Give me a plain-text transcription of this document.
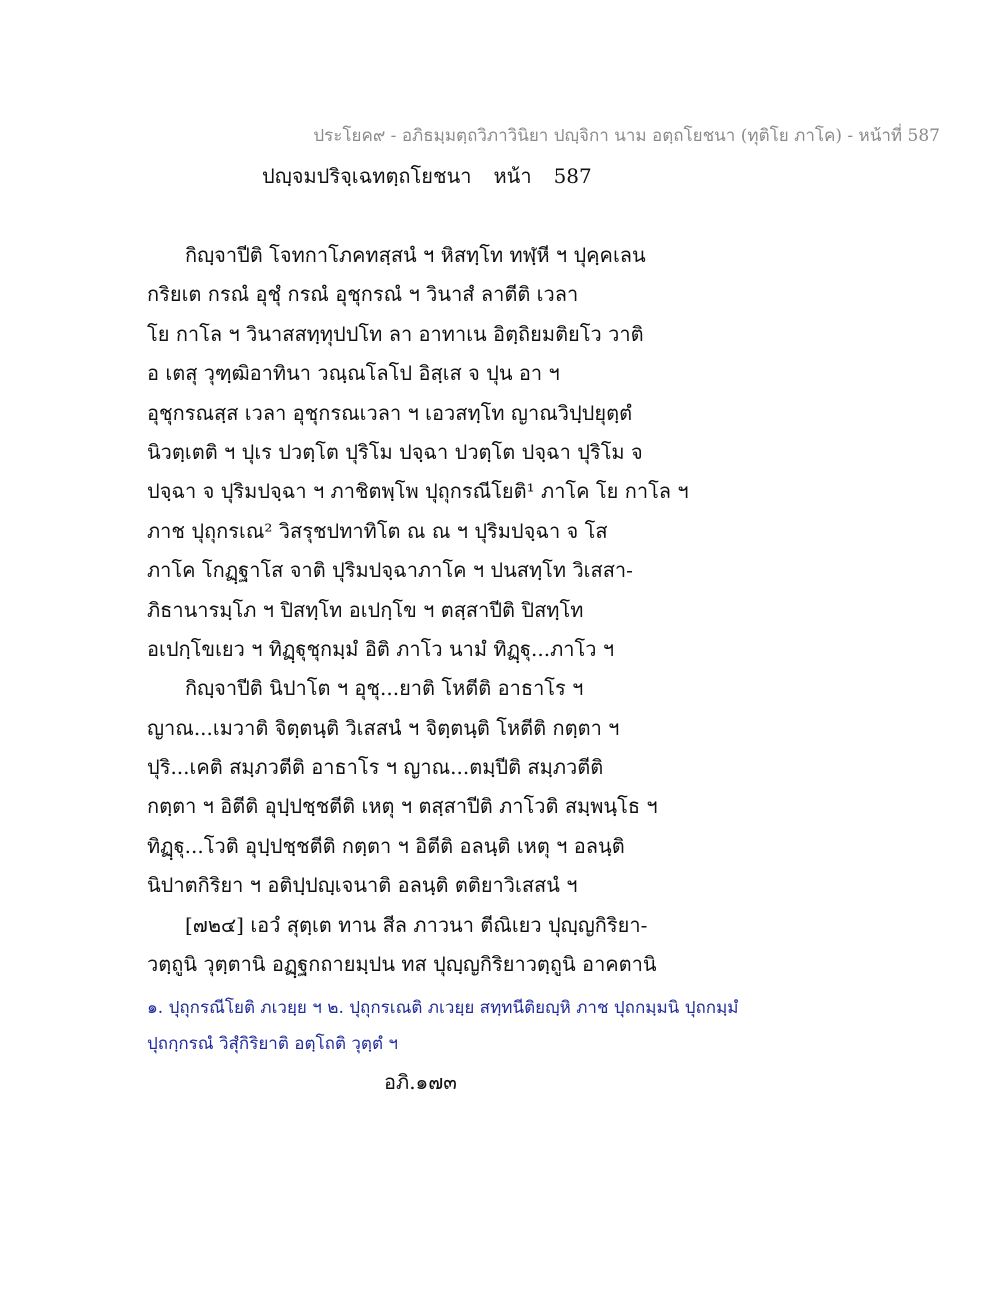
ประโยค๙ - อภิธมฺมตฺถวิภาวินิยา ปญฺจิกา นาม อตฺถโยชนา (ทุติโย ภาโค) - หน้าที่ 587
ปญฺจมปริจฺเฉทตฺถโยชนา หน้า 587
กิญฺจาปีติ โจทกาโภคทสฺสนํ ฯ หิสทฺโท ทฬฺหี ฯ ปุคฺคเลน
กริยเต กรณํ อุชุํ กรณํ อุชุกรณํ ฯ วินาสํ ลาตีติ เวลา
โย กาโล ฯ วินาสสทฺทุปปโท ลา อาทาเน อิตฺถิยมติยโว วาติ
อ เตสุ วุฑฺฒิอาทินา วณฺณโลโป อิสฺเส จ ปุน อา ฯ
อุชุกรณสฺส เวลา อุชุกรณเวลา ฯ เอวสทฺโท ญาณวิปฺปยุตฺตํ
นิวตฺเตติ ฯ ปุเร ปวตฺโต ปุริโม ปจฺฉา ปวตฺโต ปจฺฉา ปุริโม จ
ปจฺฉา จ ปุริมปจฺฉา ฯ ภาชิตพฺโพ ปุถุกรณีโยติ¹ ภาโค โย กาโล ฯ
ภาช ปุถุกรเณ² วิสรุชปทาทิโต ณ ณ ฯ ปุริมปจฺฉา จ โส
ภาโค โกฏฺฐาโส จาติ ปุริมปจฺฉาภาโค ฯ ปนสทฺโท วิเสสา-
ภิธานารมฺโภ ฯ ปิสทฺโท อเปกฺโข ฯ ตสฺสาปีติ ปิสทฺโท
อเปกฺโขเยว ฯ ทิฏฺฐุชุกมฺมํ อิติ ภาโว นามํ ทิฏฺฐุ...ภาโว ฯ
กิญฺจาปีติ นิปาโต ฯ อุชุ...ยาติ โหตีติ อาธาโร ฯ
ญาณ...เมวาติ จิตฺตนฺติ วิเสสนํ ฯ จิตฺตนฺติ โหตีติ กตฺตา ฯ
ปุริ...เคติ สมฺภวตีติ อาธาโร ฯ ญาณ...ตมฺปีติ สมฺภวตีติ
กตฺตา ฯ อิตีติ อุปฺปชฺชตีติ เหตุ ฯ ตสฺสาปีติ ภาโวติ สมฺพนฺโธ ฯ
ทิฏฺฐุ...โวติ อุปฺปชฺชตีติ กตฺตา ฯ อิตีติ อลนฺติ เหตุ ฯ อลนฺติ
นิปาตกิริยา ฯ อติปฺปญฺเจนาติ อลนฺติ ตติยาวิเสสนํ ฯ
[๗๒๔] เอวํ สุตฺเต ทาน สีล ภาวนา ตีณิเยว ปุญฺญกิริยา-
วตฺถูนิ วุตฺตานิ อฏฺฐกถายมฺปน ทส ปุญฺญกิริยาวตฺถูนิ อาคตานิ
๑. ปุถุกรณีโยติ ภเวยฺย ฯ ๒. ปุถุกรเณติ ภเวยฺย สทฺทนีติยญฺหิ ภาช ปุถกมฺมนิ ปุถกมฺมํ
ปุถกฺกรณํ วิสุํกิริยาติ อตฺโถติ วุตฺตํ ฯ
อภิ.๑๗๓
